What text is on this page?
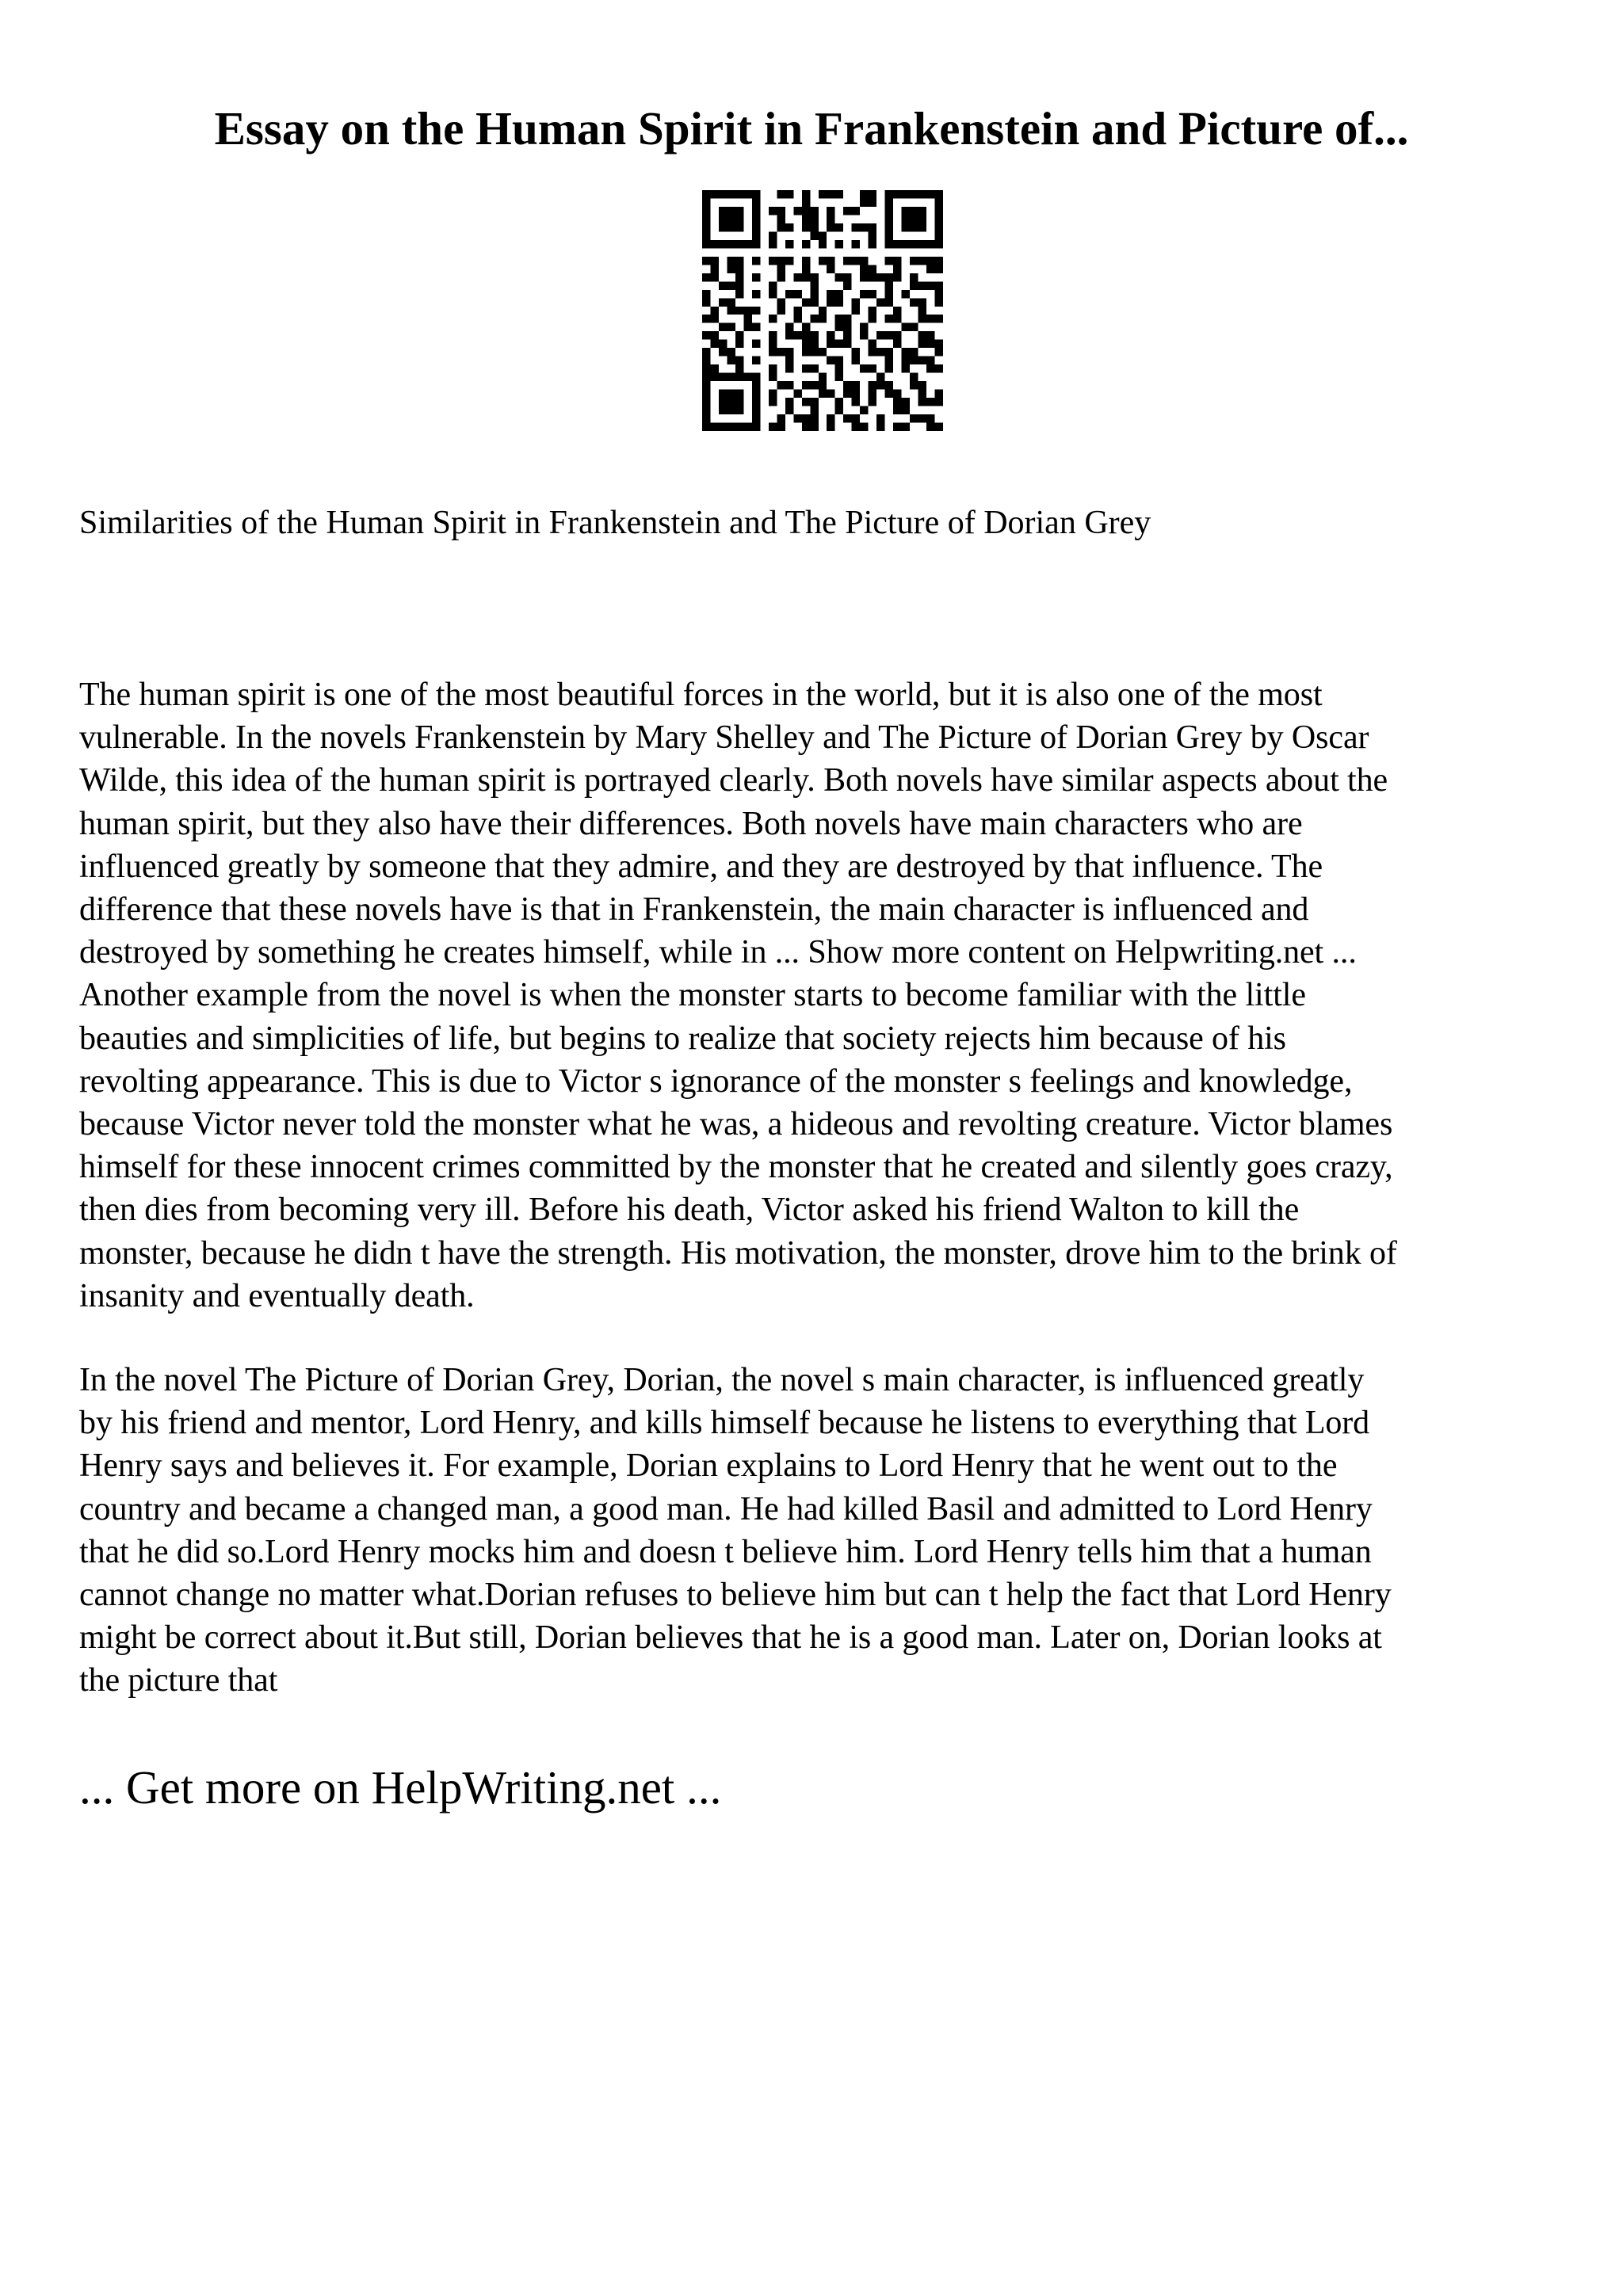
Essay on the Human Spirit in Frankenstein and Picture of...

Similarities of the Human Spirit in Frankenstein and The Picture of Dorian Grey

The human spirit is one of the most beautiful forces in the world, but it is also one of the most
vulnerable. In the novels Frankenstein by Mary Shelley and The Picture of Dorian Grey by Oscar
Wilde, this idea of the human spirit is portrayed clearly. Both novels have similar aspects about the
human spirit, but they also have their differences. Both novels have main characters who are
influenced greatly by someone that they admire, and they are destroyed by that influence. The
difference that these novels have is that in Frankenstein, the main character is influenced and
destroyed by something he creates himself, while in ... Show more content on Helpwriting.net ...
Another example from the novel is when the monster starts to become familiar with the little
beauties and simplicities of life, but begins to realize that society rejects him because of his
revolting appearance. This is due to Victor s ignorance of the monster s feelings and knowledge,
because Victor never told the monster what he was, a hideous and revolting creature. Victor blames
himself for these innocent crimes committed by the monster that he created and silently goes crazy,
then dies from becoming very ill. Before his death, Victor asked his friend Walton to kill the
monster, because he didn t have the strength. His motivation, the monster, drove him to the brink of
insanity and eventually death.

In the novel The Picture of Dorian Grey, Dorian, the novel s main character, is influenced greatly
by his friend and mentor, Lord Henry, and kills himself because he listens to everything that Lord
Henry says and believes it. For example, Dorian explains to Lord Henry that he went out to the
country and became a changed man, a good man. He had killed Basil and admitted to Lord Henry
that he did so.Lord Henry mocks him and doesn t believe him. Lord Henry tells him that a human
cannot change no matter what.Dorian refuses to believe him but can t help the fact that Lord Henry
might be correct about it.But still, Dorian believes that he is a good man. Later on, Dorian looks at
the picture that

... Get more on HelpWriting.net ...
